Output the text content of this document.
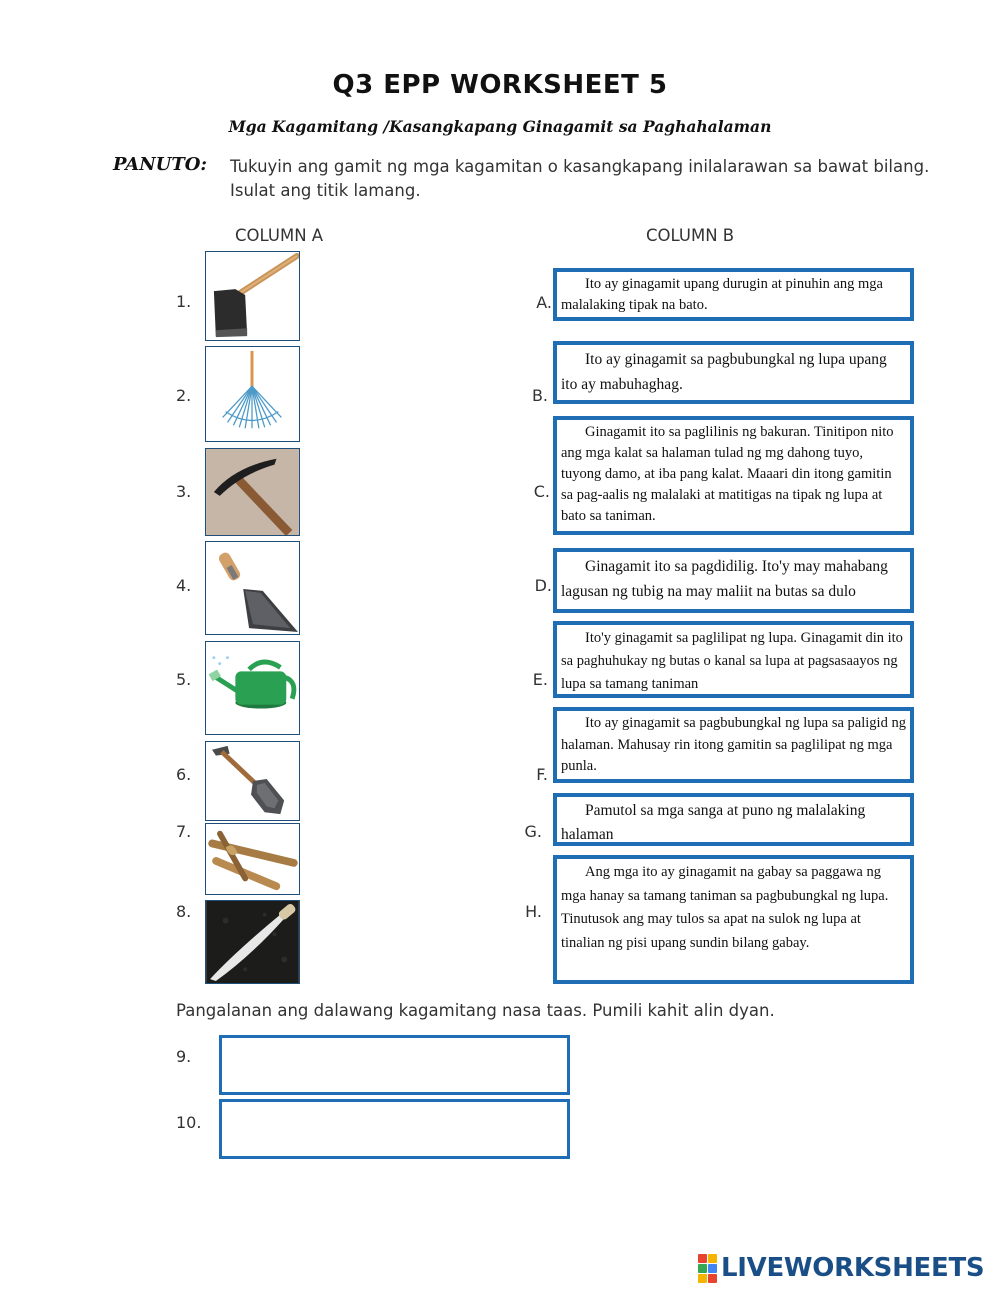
Q3 EPP WORKSHEET 5
Mga Kagamitang /Kasangkapang Ginagamit sa Paghahalaman
PANUTO: Tukuyin ang gamit ng mga kagamitan o kasangkapang inilalarawan sa bawat bilang. Isulat ang titik lamang.
COLUMN A	COLUMN B
1.
2.
3.
4.
5.
6.
7.
8.
A.
B.
C.
D.
E.
F.
G.
H.
Ito ay ginagamit upang durugin at pinuhin ang mga malalaking tipak na bato.
Ito ay ginagamit sa pagbubungkal ng lupa upang ito ay mabuhaghag.
Ginagamit ito sa paglilinis ng bakuran. Tinitipon nito ang mga kalat sa halaman tulad ng mg dahong tuyo, tuyong damo, at iba pang kalat. Maaari din itong gamitin sa pag-aalis ng malalaki at matitigas na tipak ng lupa at bato sa taniman.
Ginagamit ito sa pagdidilig. Ito'y may mahabang lagusan ng tubig na may maliit na butas sa dulo
Ito'y ginagamit sa paglilipat ng lupa. Ginagamit din ito sa paghuhukay ng butas o kanal sa lupa at pagsasaayos ng lupa sa tamang taniman
Ito ay ginagamit sa pagbubungkal ng lupa sa paligid ng halaman. Mahusay rin itong gamitin sa paglilipat ng mga punla.
Pamutol sa mga sanga at puno ng malalaking halaman
Ang mga ito ay ginagamit na gabay sa paggawa ng mga hanay sa tamang taniman sa pagbubungkal ng lupa. Tinutusok ang may tulos sa apat na sulok ng lupa at tinalian ng pisi upang sundin bilang gabay.
Pangalanan ang dalawang kagamitang nasa taas. Pumili kahit alin dyan.
9.
10.
LIVEWORKSHEETS
